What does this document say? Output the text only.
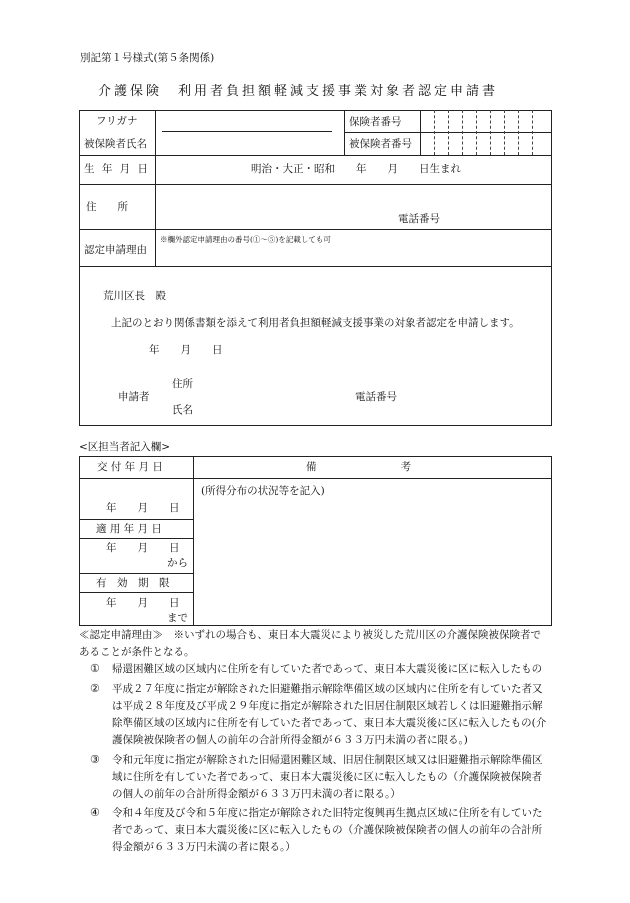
別記第１号様式(第５条関係)
介護保険　利用者負担額軽減支援事業対象者認定申請書
フリガナ
被保険者氏名
保険者番号
被保険者番号
生 年 月 日	明治・大正・昭和　　年　　月　　日生まれ
住　　所
電話番号
認定申請理由
※欄外認定申請理由の番号(①～⑤)を記載しても可
荒川区長　殿
上記のとおり関係書類を添えて利用者負担額軽減支援事業の対象者認定を申請します。
年　　月　　日
住所
申請者
氏名
電話番号
<区担当者記入欄>
交 付 年 月 日	備　　　　　　　　考
(所得分布の状況等を記入)
年　　月　　日
適 用 年 月 日
年　　月　　日
から
有　効　期　限
年　　月　　日
まで
≪認定申請理由≫　※いずれの場合も、東日本大震災により被災した荒川区の介護保険被保険者で
あることが条件となる。
① 帰還困難区域の区域内に住所を有していた者であって、東日本大震災後に区に転入したもの
② 平成２７年度に指定が解除された旧避難指示解除準備区域の区域内に住所を有していた者又
は平成２８年度及び平成２９年度に指定が解除された旧居住制限区域若しくは旧避難指示解
除準備区域の区域内に住所を有していた者であって、東日本大震災後に区に転入したもの(介
護保険被保険者の個人の前年の合計所得金額が６３３万円未満の者に限る。)
③ 令和元年度に指定が解除された旧帰還困難区域、旧居住制限区域又は旧避難指示解除準備区
域に住所を有していた者であって、東日本大震災後に区に転入したもの（介護保険被保険者
の個人の前年の合計所得金額が６３３万円未満の者に限る。）
④ 令和４年度及び令和５年度に指定が解除された旧特定復興再生拠点区域に住所を有していた
者であって、東日本大震災後に区に転入したもの（介護保険被保険者の個人の前年の合計所
得金額が６３３万円未満の者に限る。）
